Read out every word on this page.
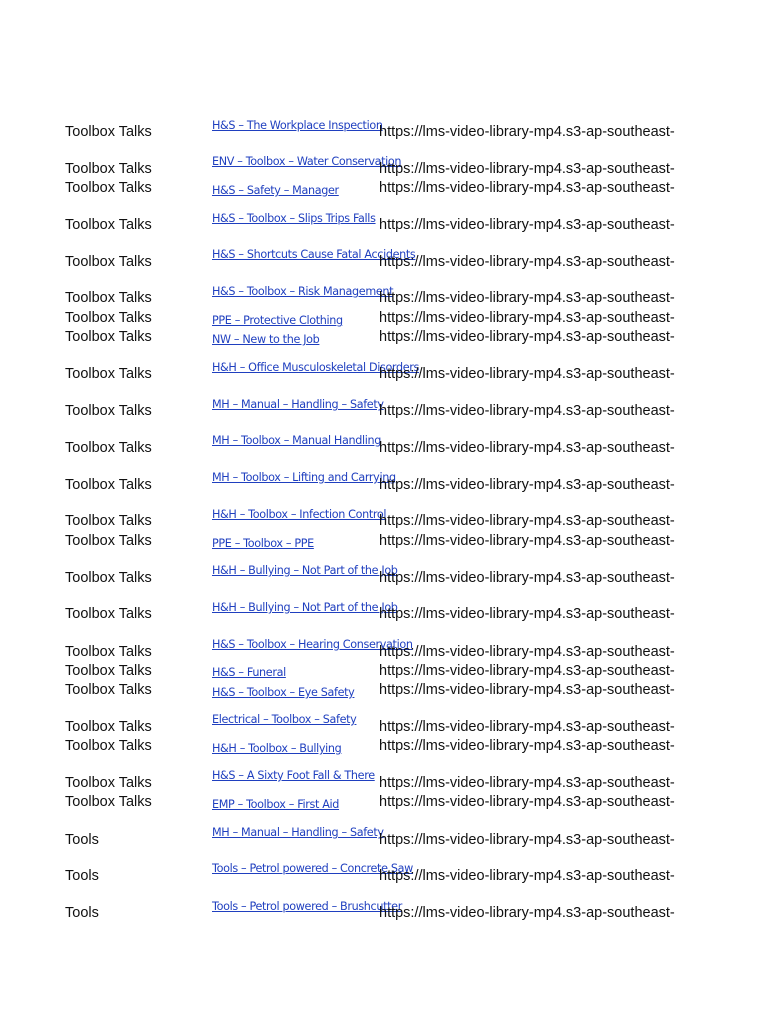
Toolbox Talks	H&S – The Workplace Inspection
https://lms-video-library-mp4.s3-ap-southeast-
Toolbox Talks	ENV – Toolbox – Water Conservation
https://lms-video-library-mp4.s3-ap-southeast-
Toolbox Talks	H&S – Safety – Manager	https://lms-video-library-mp4.s3-ap-southeast-
Toolbox Talks	H&S – Toolbox – Slips Trips Falls https://lms-video-library-mp4.s3-ap-southeast-
Toolbox Talks	H&S – Shortcuts Cause Fatal Accidents
https://lms-video-library-mp4.s3-ap-southeast-
Toolbox Talks	H&S – Toolbox – Risk Management
https://lms-video-library-mp4.s3-ap-southeast-
Toolbox Talks	PPE – Protective Clothing	https://lms-video-library-mp4.s3-ap-southeast-
Toolbox Talks	NW – New to the Job	https://lms-video-library-mp4.s3-ap-southeast-
Toolbox Talks	H&H – Office Musculoskeletal Disorders
https://lms-video-library-mp4.s3-ap-southeast-
Toolbox Talks	MH – Manual – Handling – Safety
https://lms-video-library-mp4.s3-ap-southeast-
Toolbox Talks	MH – Toolbox – Manual Handling
https://lms-video-library-mp4.s3-ap-southeast-
Toolbox Talks	MH – Toolbox – Lifting and Carrying
https://lms-video-library-mp4.s3-ap-southeast-
Toolbox Talks	H&H – Toolbox – Infection Control
https://lms-video-library-mp4.s3-ap-southeast-
Toolbox Talks	PPE – Toolbox – PPE	https://lms-video-library-mp4.s3-ap-southeast-
Toolbox Talks	H&H – Bullying – Not Part of the Job
https://lms-video-library-mp4.s3-ap-southeast-
Toolbox Talks	H&H – Bullying – Not Part of the Job
https://lms-video-library-mp4.s3-ap-southeast-
Toolbox Talks	H&S – Toolbox – Hearing Conservation
https://lms-video-library-mp4.s3-ap-southeast-
Toolbox Talks	H&S – Funeral	https://lms-video-library-mp4.s3-ap-southeast-
Toolbox Talks	H&S – Toolbox – Eye Safety	https://lms-video-library-mp4.s3-ap-southeast-
Toolbox Talks	Electrical – Toolbox – Safety	https://lms-video-library-mp4.s3-ap-southeast-
Toolbox Talks	H&H – Toolbox – Bullying	https://lms-video-library-mp4.s3-ap-southeast-
Toolbox Talks	H&S – A Sixty Foot Fall & There https://lms-video-library-mp4.s3-ap-southeast-
Toolbox Talks	EMP – Toolbox – First Aid	https://lms-video-library-mp4.s3-ap-southeast-
Tools	MH – Manual – Handling – Safety
https://lms-video-library-mp4.s3-ap-southeast-
Tools	Tools – Petrol powered – Concrete Saw
https://lms-video-library-mp4.s3-ap-southeast-
Tools	Tools – Petrol powered – Brushcutter
https://lms-video-library-mp4.s3-ap-southeast-
